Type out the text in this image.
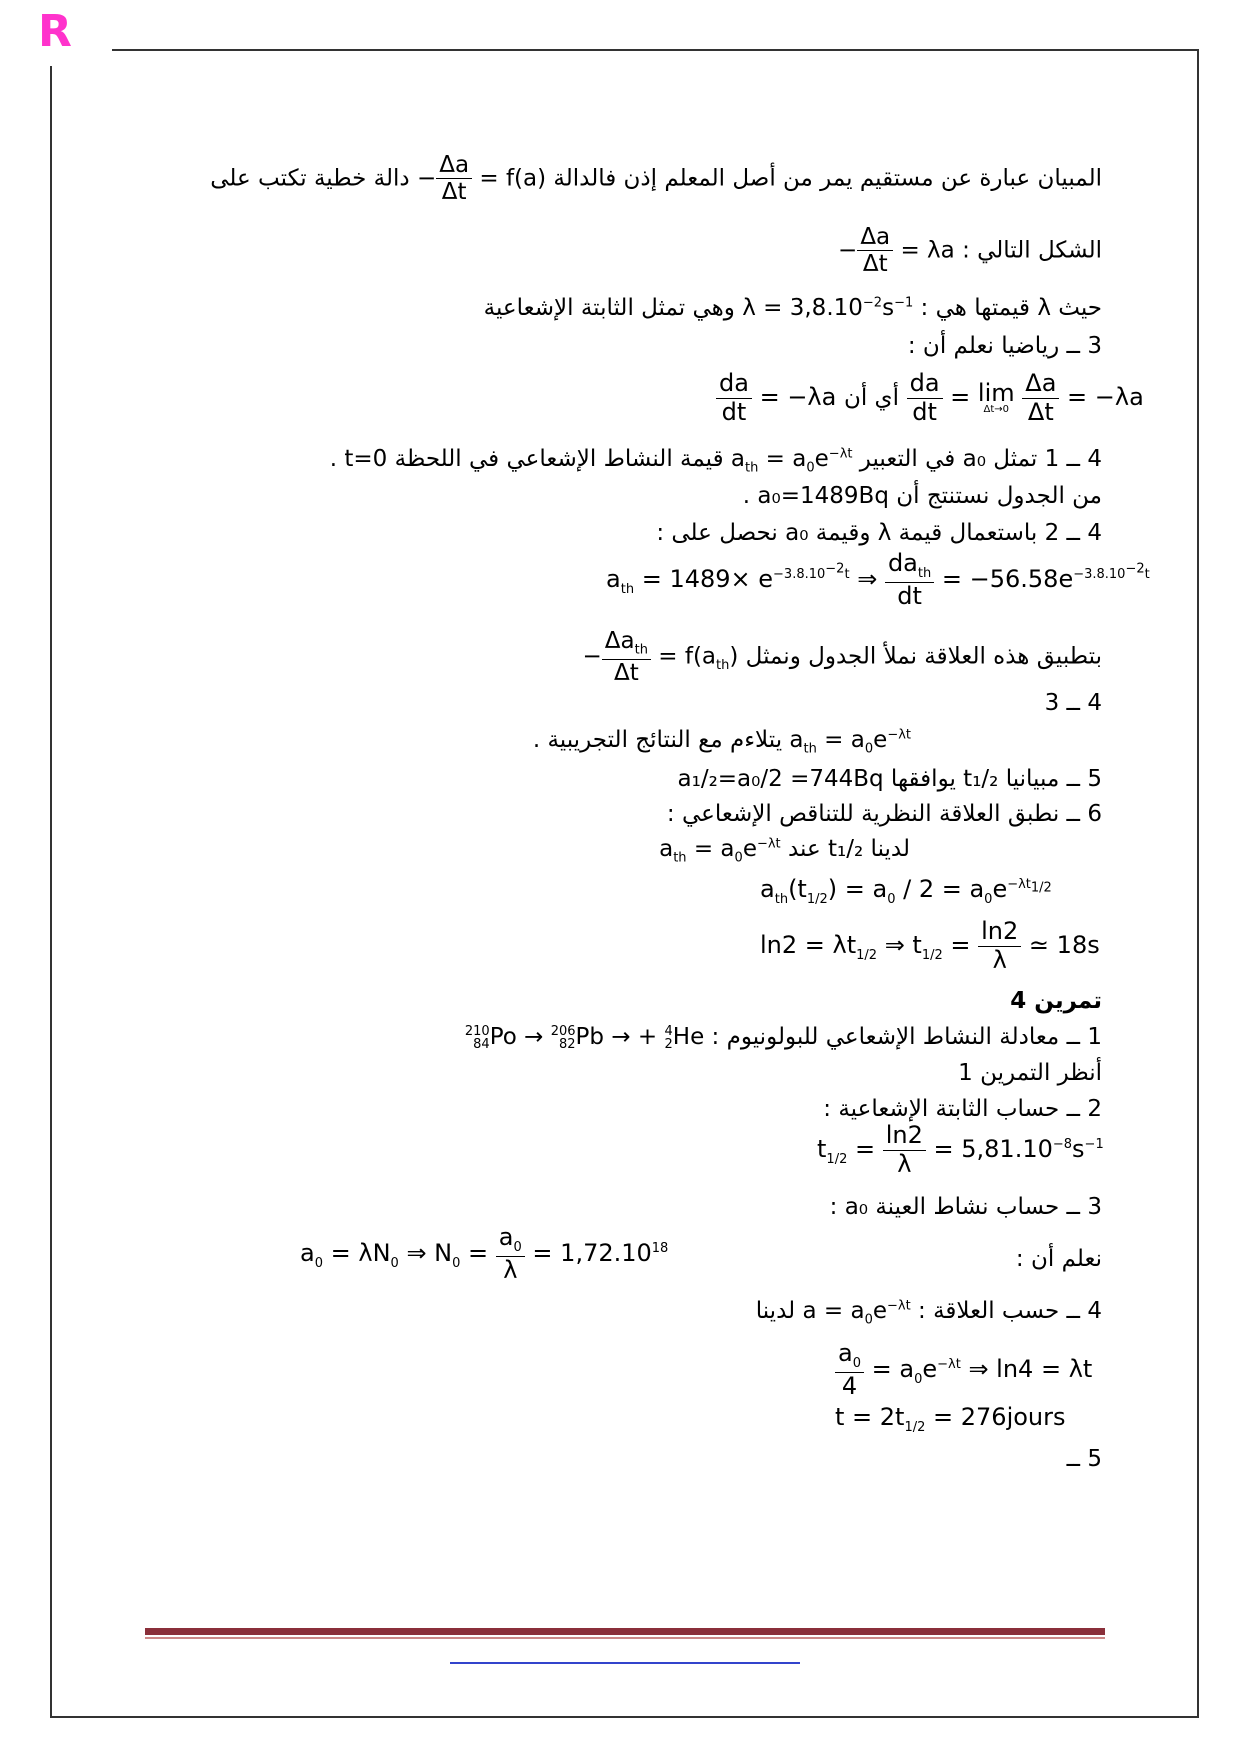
R
المبيان عبارة عن مستقيم يمر من أصل المعلم إذن فالدالة − $\frac{\Delta a}{\Delta t} = f(a)$ دالة خطية تكتب على
الشكل التالي : − $\frac{\Delta a}{\Delta t} = \lambda a$
حيث λ قيمتها هي : $\lambda = 3,8.10^{-2}s^{-1}$ وهي تمثل الثابتة الإشعاعية
3 ــ رياضيا نعلم أن :
$\frac{da}{dt} = -\lambda a$ أي أن $\frac{da}{dt} = \lim$
Δt→0
$\frac{\Delta a}{\Delta t} = -\lambda a$
4 ــ 1 تمثل a₀ في التعبير $a_{th} = a_0e^{-\lambda t}$ قيمة النشاط الإشعاعي في اللحظة t=0 .
من الجدول نستنتج أن a₀=1489Bq .
4 ــ 2 باستعمال قيمة λ وقيمة a₀ نحصل على :
$a_{th} = 1489\times e^{-3.8.10^{-2}t}$ ⇒ $\frac{da_{th}}{dt} = -56.58e^{-3.8.10^{-2}t}$
بتطبيق هذه العلاقة نملأ الجدول ونمثل − $\frac{\Delta a_{th}}{\Delta t} = f(a_{th})$
4 ــ 3
$a_{th} = a_0e^{-\lambda t}$ يتلاءم مع النتائج التجريبية .
5 ــ مبيانيا t₁/₂ يوافقها a₁/₂=a₀/2 =744Bq
6 ــ نطبق العلاقة النظرية للتناقص الإشعاعي :
لدينا t₁/₂ عند $a_{th} = a_0e^{-\lambda t}$
$a_{th}(t_{1/2}) = a_0 / 2 = a_0e^{-\lambda t_{1/2}}$
$\ln 2 = \lambda t_{1/2}$ ⇒ $t_{1/2} = \frac{\ln 2}{\lambda}$ ≃ 18s
تمرين 4
1 ــ معادلة النشاط الإشعاعي للبولونيوم :
210
84 Po → 206
82 Pb → + 4
2 He
أنظر التمرين 1
2 ــ حساب الثابتة الإشعاعية :
$t_{1/2} = \frac{\ln 2}{\lambda} = 5,81.10^{-8}s^{-1}$
3 ــ حساب نشاط العينة a₀ :
نعلم أن :
$a_0 = \lambda N_0$ ⇒ $N_0 = \frac{a_0}{\lambda} = 1,72.10^{18}$
4 ــ حسب العلاقة : $a = a_0e^{-\lambda t}$ لدينا
$\frac{a_0}{4} = a_0e^{-\lambda t}$ ⇒ ln4 = λt
$t = 2t_{1/2}$ = 276jours
5 ــ
